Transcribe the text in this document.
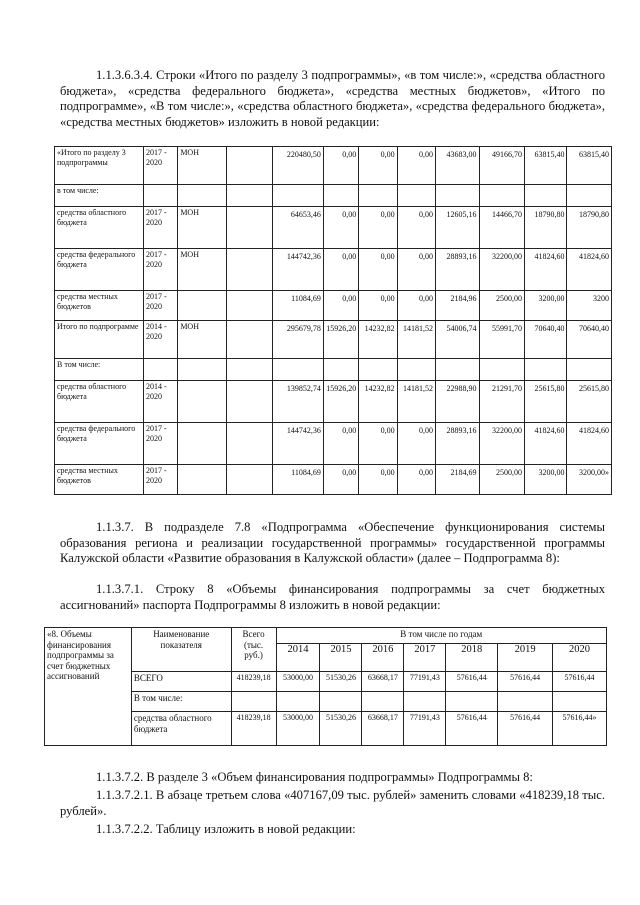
1.1.3.6.3.4. Строки «Итого по разделу 3 подпрограммы», «в том числе:», «средства областного бюджета», «средства федерального бюджета», «средства местных бюджетов», «Итого по подпрограмме», «В том числе:», «средства областного бюджета», «средства федерального бюджета», «средства местных бюджетов» изложить в новой редакции:
«Итого по разделу 3 подпрограммы	2017 - 2020	МОН		220480,50	0,00	0,00	0,00	43683,00	49166,70	63815,40	63815,40
в том числе:											
средства областного бюджета	2017 - 2020	МОН		64653,46	0,00	0,00	0,00	12605,16	14466,70	18790,80	18790,80
средства федерального бюджета	2017 - 2020	МОН		144742,36	0,00	0,00	0,00	28893,16	32200,00	41824,60	41824,60
средства местных бюджетов	2017 - 2020			11084,69	0,00	0,00	0,00	2184,96	2500,00	3200,00	3200
Итого по подпрограмме	2014 - 2020	МОН		295679,78	15926,20	14232,82	14181,52	54006,74	55991,70	70640,40	70640,40
В том числе:											
средства областного бюджета	2014 - 2020			139852,74	15926,20	14232,82	14181,52	22988,90	21291,70	25615,80	25615,80
средства федерального бюджета	2017 - 2020			144742,36	0,00	0,00	0,00	28893,16	32200,00	41824,60	41824,60
средства местных бюджетов	2017 - 2020			11084,69	0,00	0,00	0,00	2184,69	2500,00	3200,00	3200,00»
1.1.3.7. В подразделе 7.8 «Подпрограмма «Обеспечение функционирования системы образования региона и реализации государственной программы» государственной программы Калужской области «Развитие образования в Калужской области» (далее – Подпрограмма 8):
1.1.3.7.1. Строку 8 «Объемы финансирования подпрограммы за счет бюджетных ассигнований» паспорта Подпрограммы 8 изложить в новой редакции:
«8. Объемы финансирования подпрограммы за счет бюджетных ассигнований	Наименование показателя	Всего (тыс. руб.)	В том числе по годам						
			2014	2015	2016	2017	2018	2019	2020
	ВСЕГО	418239,18	53000,00	51530,26	63668,17	77191,43	57616,44	57616,44	57616,44
	В том числе:								
	средства областного бюджета	418239,18	53000,00	51530,26	63668,17	77191,43	57616,44	57616,44	57616,44»
1.1.3.7.2. В разделе 3 «Объем финансирования подпрограммы» Подпрограммы 8:
1.1.3.7.2.1. В абзаце третьем слова «407167,09 тыс. рублей» заменить словами «418239,18 тыс. рублей».
1.1.3.7.2.2. Таблицу изложить в новой редакции:
